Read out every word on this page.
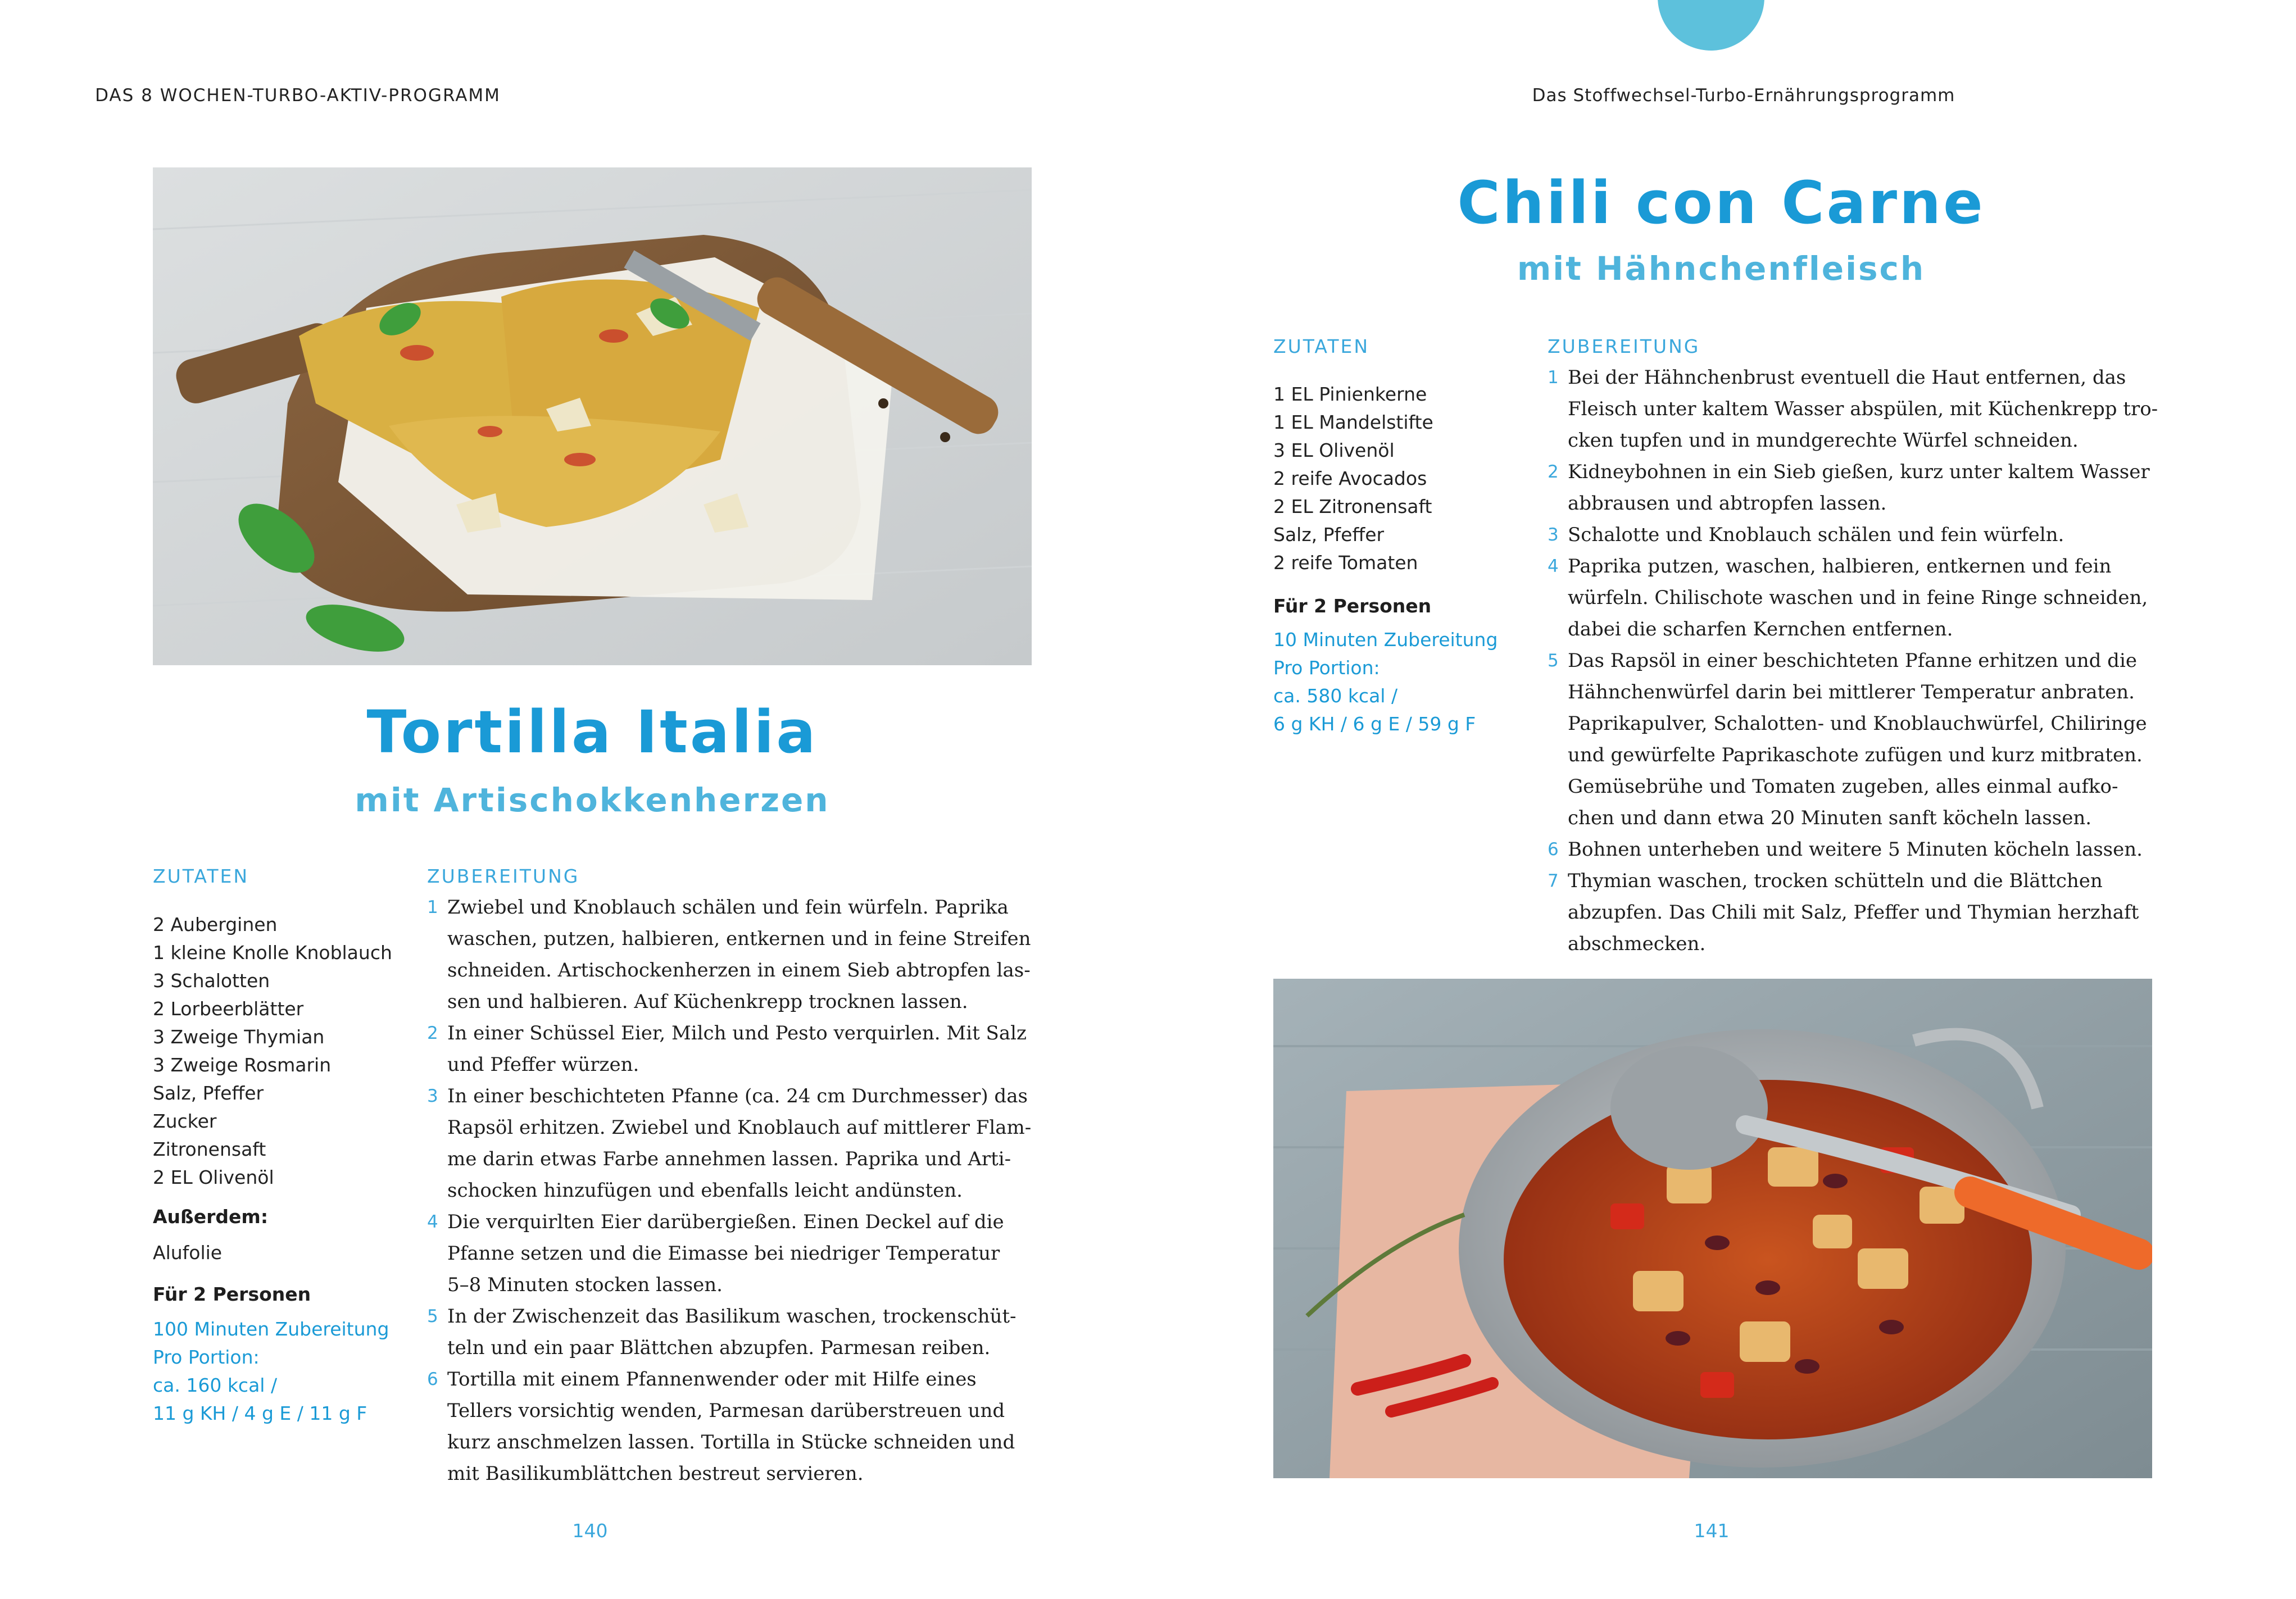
DAS 8 WOCHEN-TURBO-AKTIV-PROGRAMM
Tortilla Italia
mit Artischokkenherzen
ZUTATEN
2 Auberginen
1 kleine Knolle Knoblauch
3 Schalotten
2 Lorbeerblätter
3 Zweige Thymian
3 Zweige Rosmarin
Salz, Pfeffer
Zucker
Zitronensaft
2 EL Olivenöl
Außerdem:
Alufolie
Für 2 Personen
100 Minuten Zubereitung
Pro Portion:
ca. 160 kcal /
11 g KH / 4 g E / 11 g F
ZUBEREITUNG
1 Zwiebel und Knoblauch schälen und fein würfeln. Paprika
waschen, putzen, halbieren, entkernen und in feine Streifen
schneiden. Artischockenherzen in einem Sieb abtropfen las-
sen und halbieren. Auf Küchenkrepp trocknen lassen.
2 In einer Schüssel Eier, Milch und Pesto verquirlen. Mit Salz
und Pfeffer würzen.
3 In einer beschichteten Pfanne (ca. 24 cm Durchmesser) das
Rapsöl erhitzen. Zwiebel und Knoblauch auf mittlerer Flam-
me darin etwas Farbe annehmen lassen. Paprika und Arti-
schocken hinzufügen und ebenfalls leicht andünsten.
4 Die verquirlten Eier darübergießen. Einen Deckel auf die
Pfanne setzen und die Eimasse bei niedriger Temperatur
5–8 Minuten stocken lassen.
5 In der Zwischenzeit das Basilikum waschen, trockenschüt-
teln und ein paar Blättchen abzupfen. Parmesan reiben.
6 Tortilla mit einem Pfannenwender oder mit Hilfe eines
Tellers vorsichtig wenden, Parmesan darüberstreuen und
kurz anschmelzen lassen. Tortilla in Stücke schneiden und
mit Basilikumblättchen bestreut servieren.
140
Das Stoffwechsel-Turbo-Ernährungsprogramm
Chili con Carne
mit Hähnchenfleisch
ZUTATEN
1 EL Pinienkerne
1 EL Mandelstifte
3 EL Olivenöl
2 reife Avocados
2 EL Zitronensaft
Salz, Pfeffer
2 reife Tomaten
Für 2 Personen
10 Minuten Zubereitung
Pro Portion:
ca. 580 kcal /
6 g KH / 6 g E / 59 g F
ZUBEREITUNG
1 Bei der Hähnchenbrust eventuell die Haut entfernen, das
Fleisch unter kaltem Wasser abspülen, mit Küchenkrepp tro-
cken tupfen und in mundgerechte Würfel schneiden.
2 Kidneybohnen in ein Sieb gießen, kurz unter kaltem Wasser
abbrausen und abtropfen lassen.
3 Schalotte und Knoblauch schälen und fein würfeln.
4 Paprika putzen, waschen, halbieren, entkernen und fein
würfeln. Chilischote waschen und in feine Ringe schneiden,
dabei die scharfen Kernchen entfernen.
5 Das Rapsöl in einer beschichteten Pfanne erhitzen und die
Hähnchenwürfel darin bei mittlerer Temperatur anbraten.
Paprikapulver, Schalotten- und Knoblauchwürfel, Chiliringe
und gewürfelte Paprikaschote zufügen und kurz mitbraten.
Gemüsebrühe und Tomaten zugeben, alles einmal aufko-
chen und dann etwa 20 Minuten sanft köcheln lassen.
6 Bohnen unterheben und weitere 5 Minuten köcheln lassen.
7 Thymian waschen, trocken schütteln und die Blättchen
abzupfen. Das Chili mit Salz, Pfeffer und Thymian herzhaft
abschmecken.
141
